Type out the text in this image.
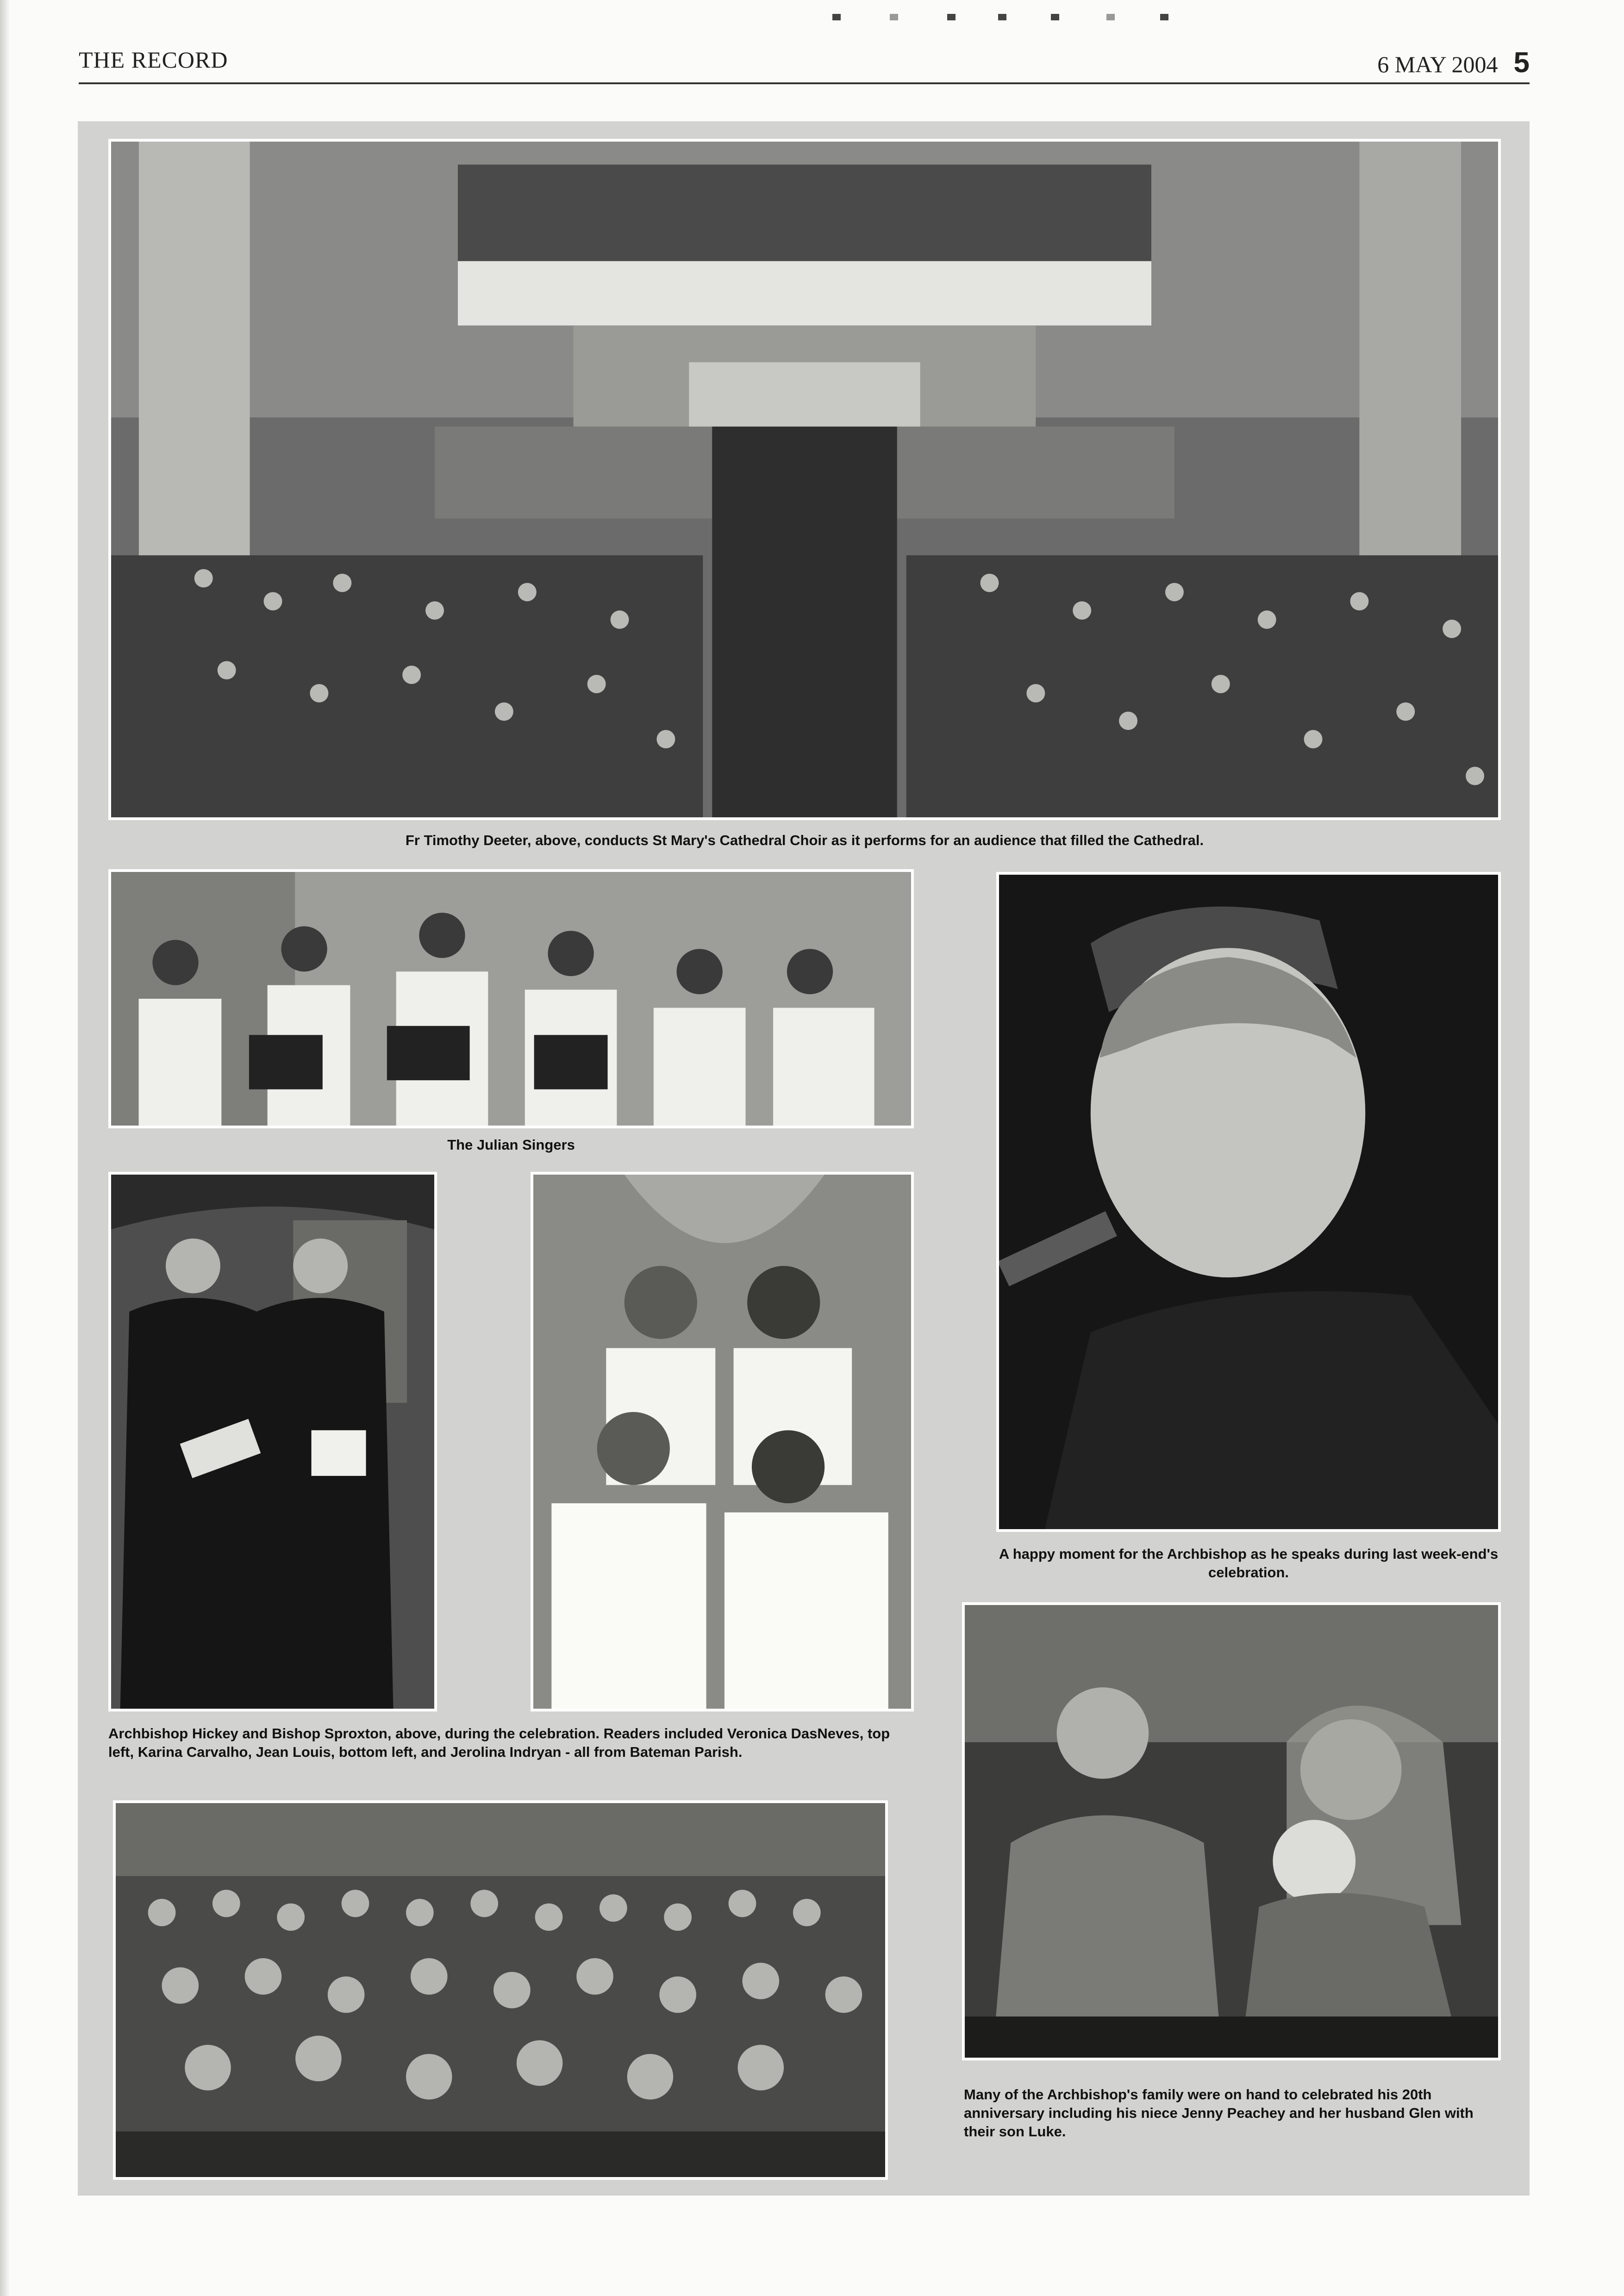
THE RECORD	6 MAY 2004 5
Fr Timothy Deeter, above, conducts St Mary's Cathedral Choir as it performs for an audience that filled the Cathedral.
The Julian Singers
A happy moment for the Archbishop as he speaks during last week-end's celebration.
Archbishop Hickey and Bishop Sproxton, above, during the celebration. Readers included Veronica DasNeves, top left, Karina Carvalho, Jean Louis, bottom left, and Jerolina Indryan - all from Bateman Parish.
Many of the Archbishop's family were on hand to celebrated his 20th anniversary including his niece Jenny Peachey and her husband Glen with their son Luke.
